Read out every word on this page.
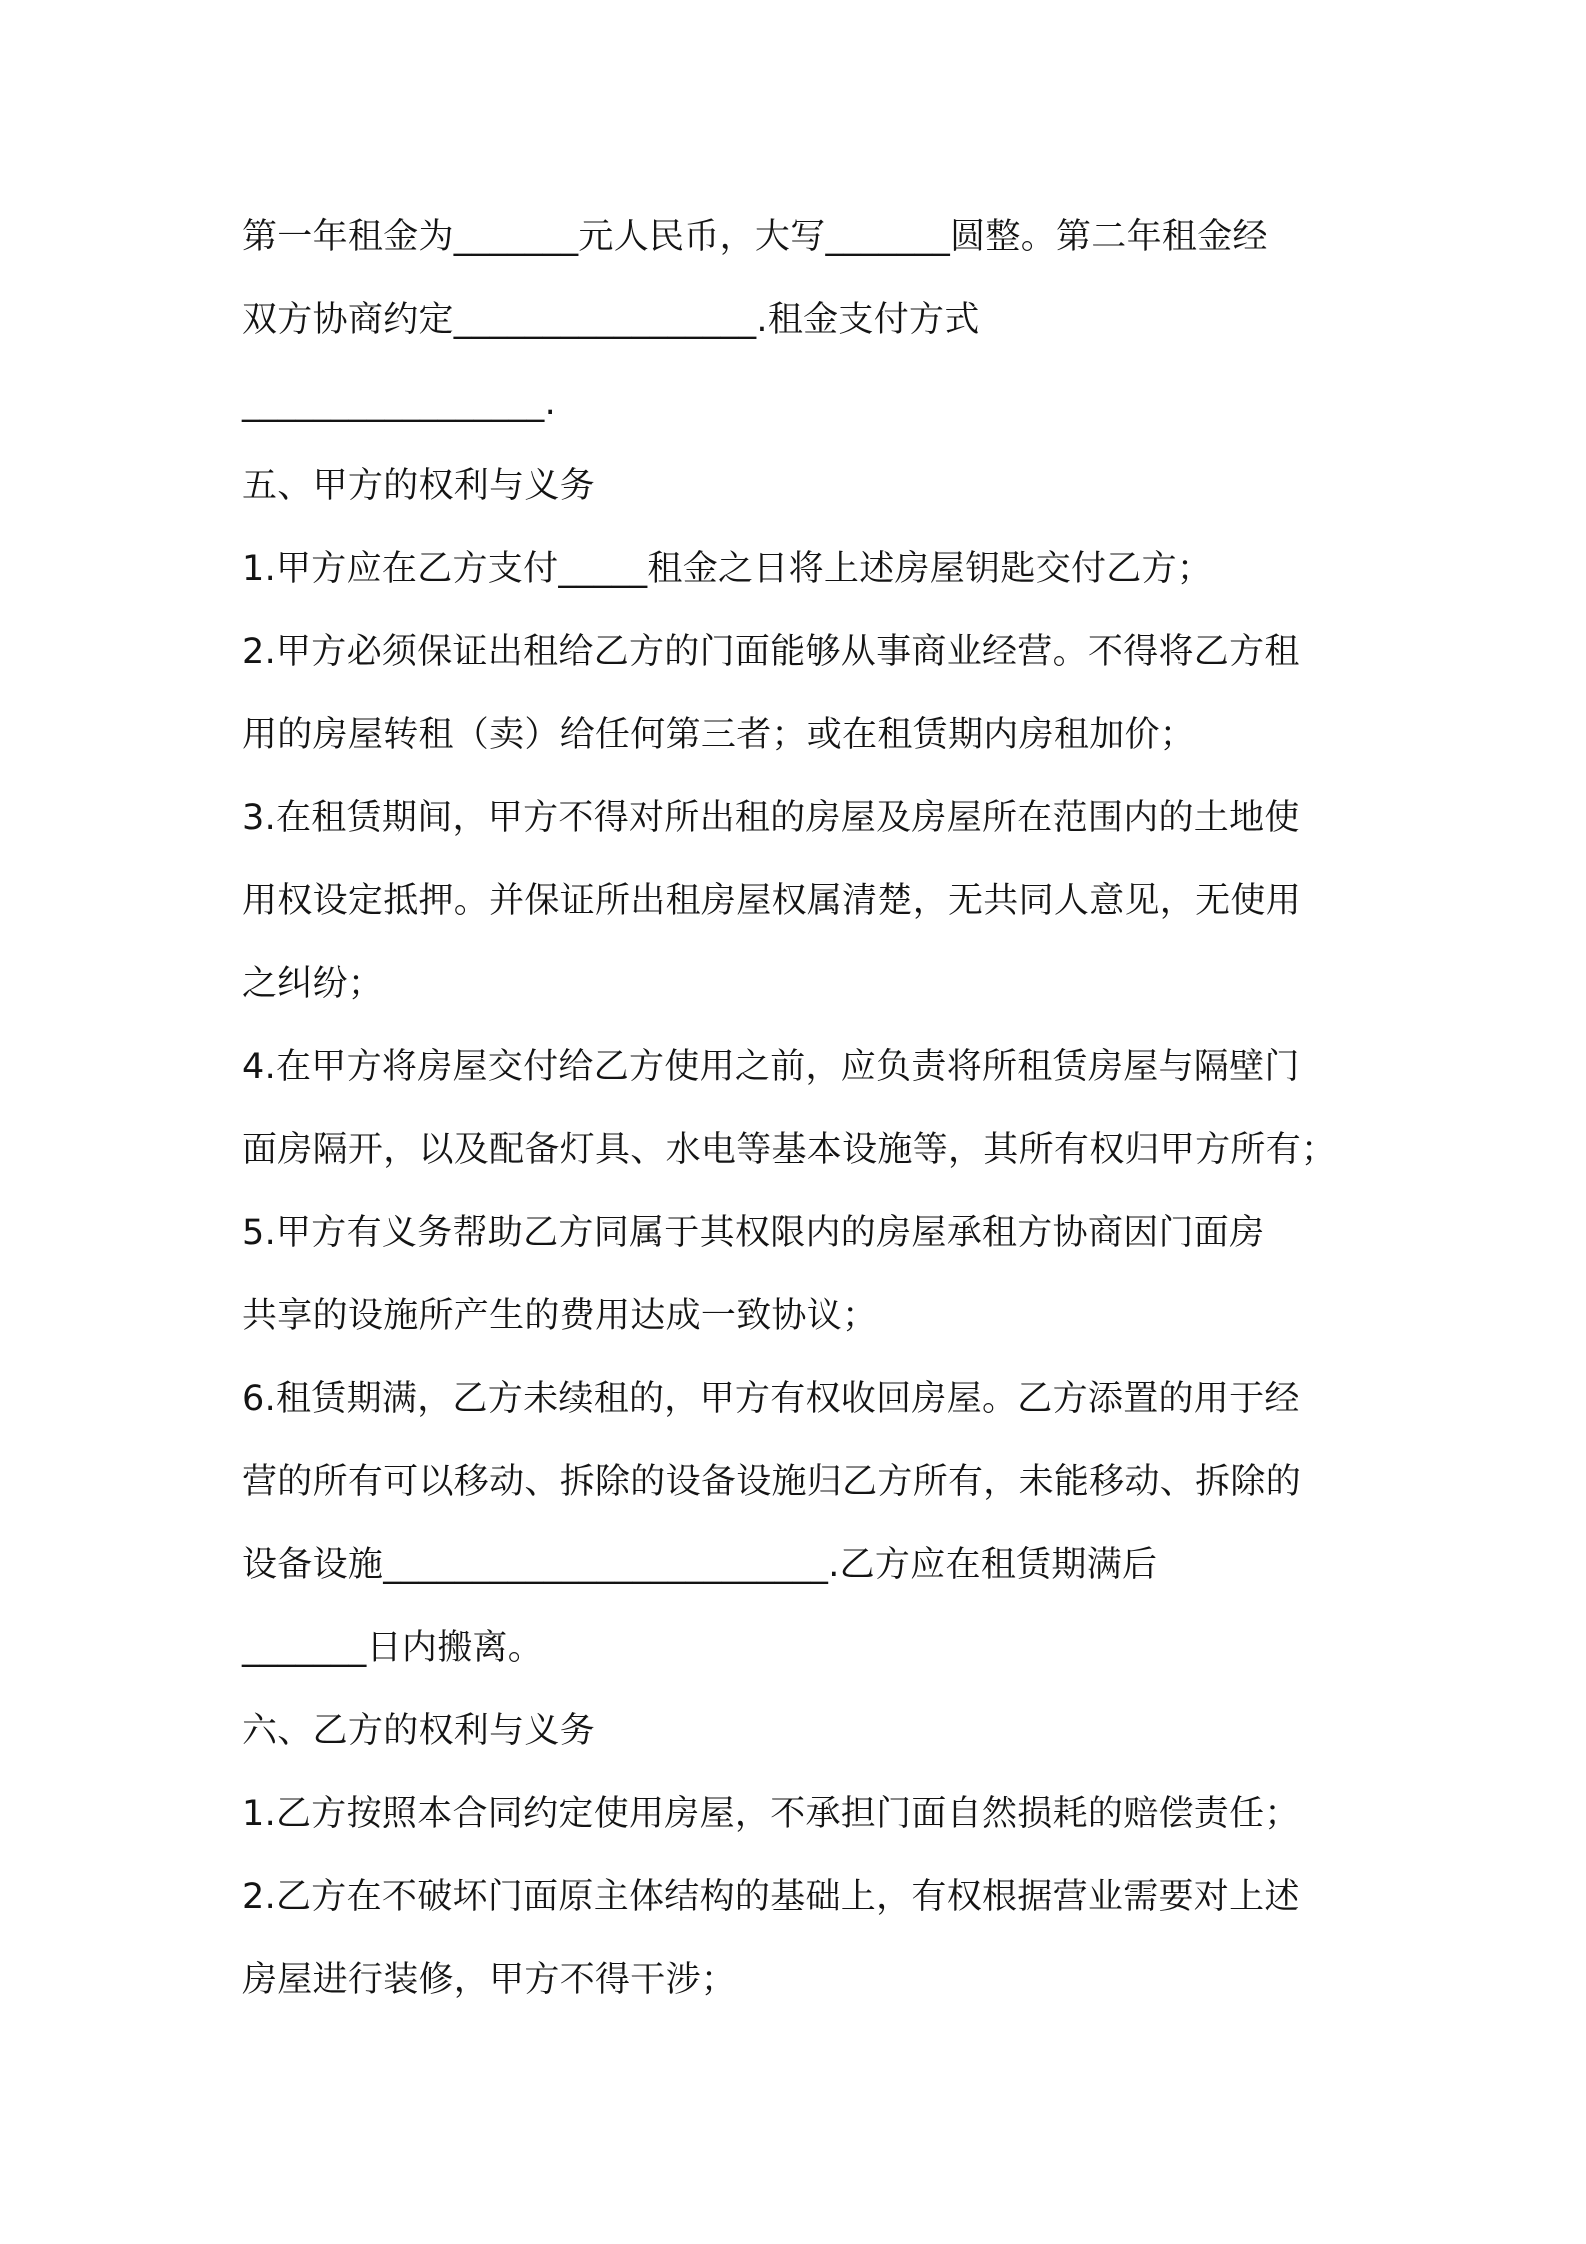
第一年租金为_______元人民币，大写_______圆整。第二年租金经

双方协商约定_________________.租金支付方式

_________________.

五、甲方的权利与义务

1.甲方应在乙方支付_____租金之日将上述房屋钥匙交付乙方；

2.甲方必须保证出租给乙方的门面能够从事商业经营。不得将乙方租

用的房屋转租（卖）给任何第三者；或在租赁期内房租加价；

3.在租赁期间，甲方不得对所出租的房屋及房屋所在范围内的土地使

用权设定抵押。并保证所出租房屋权属清楚，无共同人意见，无使用

之纠纷；

4.在甲方将房屋交付给乙方使用之前，应负责将所租赁房屋与隔壁门

面房隔开，以及配备灯具、水电等基本设施等，其所有权归甲方所有；

5.甲方有义务帮助乙方同属于其权限内的房屋承租方协商因门面房

共享的设施所产生的费用达成一致协议；

6.租赁期满，乙方未续租的，甲方有权收回房屋。乙方添置的用于经

营的所有可以移动、拆除的设备设施归乙方所有，未能移动、拆除的

设备设施_________________________.乙方应在租赁期满后

_______日内搬离。

六、乙方的权利与义务

1.乙方按照本合同约定使用房屋，不承担门面自然损耗的赔偿责任；

2.乙方在不破坏门面原主体结构的基础上，有权根据营业需要对上述

房屋进行装修，甲方不得干涉；
